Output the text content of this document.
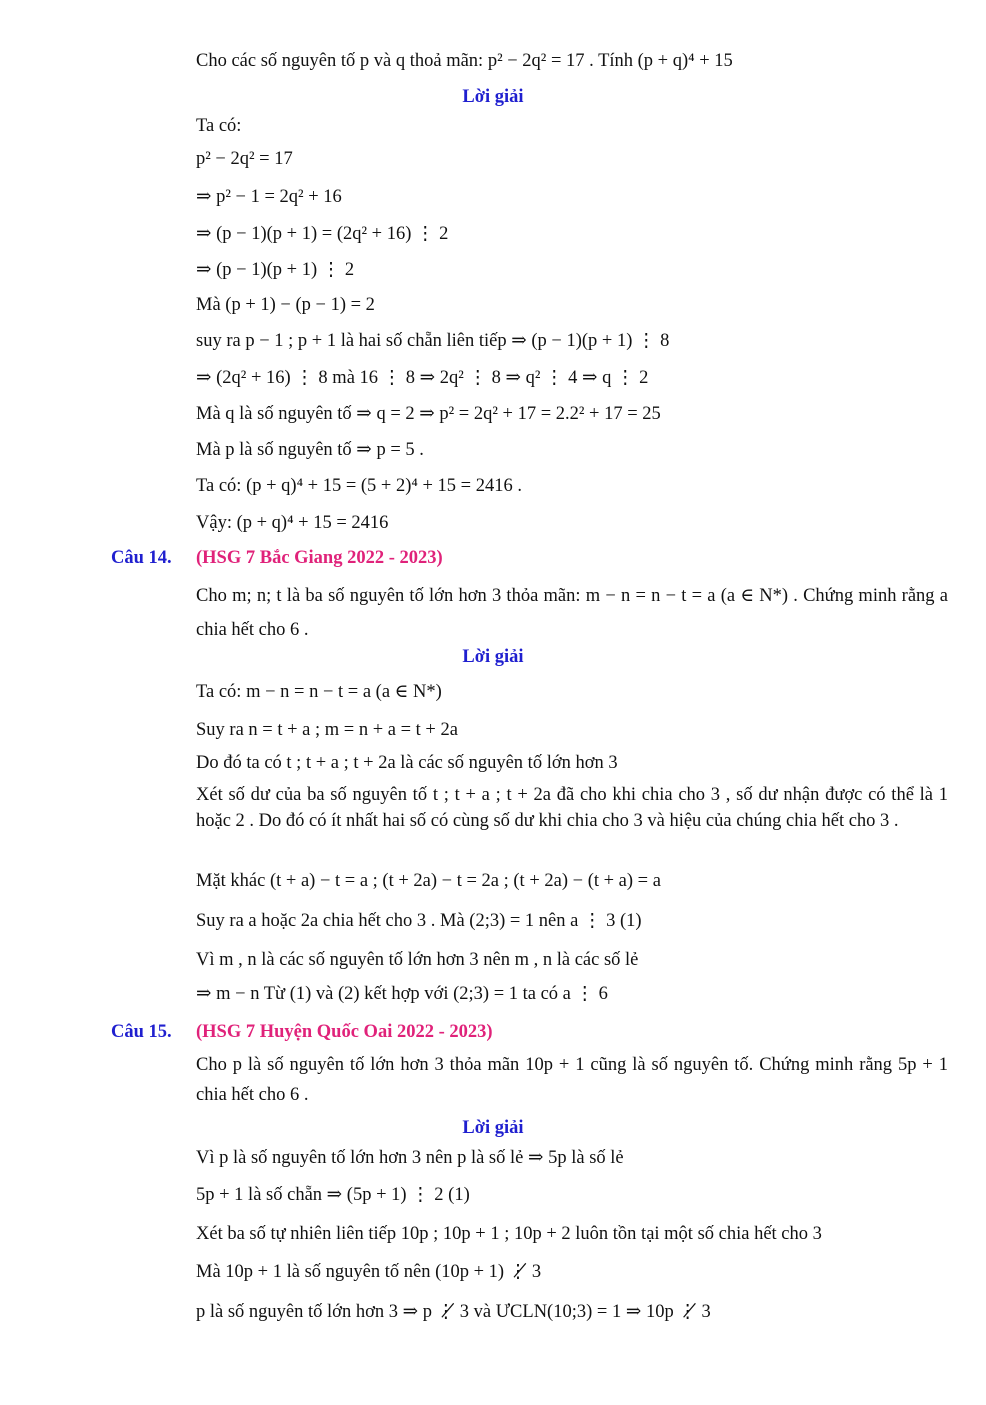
Cho các số nguyên tố p và q thoả mãn: p² − 2q² = 17 . Tính (p + q)⁴ + 15
Lời giải
Ta có:
p² − 2q² = 17
⇒ p² − 1 = 2q² + 16
⇒ (p − 1)(p + 1) = (2q² + 16) ⋮ 2
⇒ (p − 1)(p + 1) ⋮ 2
Mà (p + 1) − (p − 1) = 2
suy ra p − 1 ; p + 1 là hai số chẵn liên tiếp ⇒ (p − 1)(p + 1) ⋮ 8
⇒ (2q² + 16) ⋮ 8 mà 16 ⋮ 8 ⇒ 2q² ⋮ 8 ⇒ q² ⋮ 4 ⇒ q ⋮ 2
Mà q là số nguyên tố ⇒ q = 2 ⇒ p² = 2q² + 17 = 2.2² + 17 = 25
Mà p là số nguyên tố ⇒ p = 5 .
Ta có: (p + q)⁴ + 15 = (5 + 2)⁴ + 15 = 2416 .
Vậy: (p + q)⁴ + 15 = 2416
Câu 14. (HSG 7 Bắc Giang 2022 - 2023)
Cho m; n; t là ba số nguyên tố lớn hơn 3 thỏa mãn: m − n = n − t = a (a ∈ N*) . Chứng minh rằng a chia hết cho 6 .
Lời giải
Ta có: m − n = n − t = a (a ∈ N*)
Suy ra n = t + a ; m = n + a = t + 2a
Do đó ta có t ; t + a ; t + 2a là các số nguyên tố lớn hơn 3
Xét số dư của ba số nguyên tố t ; t + a ; t + 2a đã cho khi chia cho 3 , số dư nhận được có thể là 1 hoặc 2 . Do đó có ít nhất hai số có cùng số dư khi chia cho 3 và hiệu của chúng chia hết cho 3 .
Mặt khác (t + a) − t = a ; (t + 2a) − t = 2a ; (t + 2a) − (t + a) = a
Suy ra a hoặc 2a chia hết cho 3 . Mà (2;3) = 1 nên a ⋮ 3 (1)
Vì m , n là các số nguyên tố lớn hơn 3 nên m , n là các số lẻ
⇒ m − n Từ (1) và (2) kết hợp với (2;3) = 1 ta có a ⋮ 6
Câu 15. (HSG 7 Huyện Quốc Oai 2022 - 2023)
Cho p là số nguyên tố lớn hơn 3 thỏa mãn 10p + 1 cũng là số nguyên tố. Chứng minh rằng 5p + 1 chia hết cho 6 .
Lời giải
Vì p là số nguyên tố lớn hơn 3 nên p là số lẻ ⇒ 5p là số lẻ
5p + 1 là số chẵn ⇒ (5p + 1) ⋮ 2 (1)
Xét ba số tự nhiên liên tiếp 10p ; 10p + 1 ; 10p + 2 luôn tồn tại một số chia hết cho 3
Mà 10p + 1 là số nguyên tố nên (10p + 1) ⋮̸ 3
p là số nguyên tố lớn hơn 3 ⇒ p ⋮̸ 3 và ƯCLN(10;3) = 1 ⇒ 10p ⋮̸ 3
